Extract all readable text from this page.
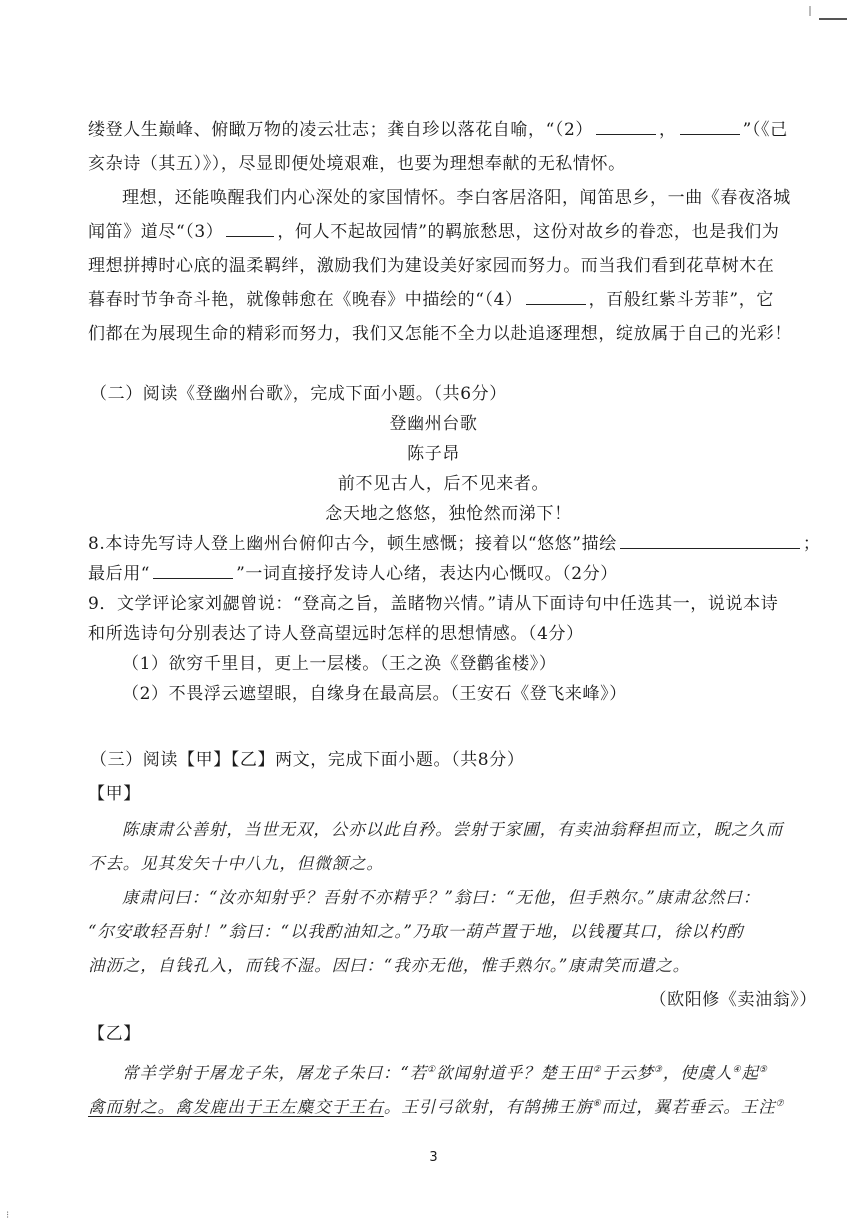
缕登人生巅峰、俯瞰万物的凌云壮志；龚自珍以落花自喻，“（2）	，	”（《己
亥杂诗（其五）》），尽显即便处境艰难，也要为理想奉献的无私情怀。
理想，还能唤醒我们内心深处的家国情怀。李白客居洛阳，闻笛思乡，一曲《春夜洛城
闻笛》道尽“（3）	，何人不起故园情”的羁旅愁思，这份对故乡的眷恋，也是我们为
理想拼搏时心底的温柔羁绊，激励我们为建设美好家园而努力。而当我们看到花草树木在
暮春时节争奇斗艳，就像韩愈在《晚春》中描绘的“（4）	，百般红紫斗芳菲”，它
们都在为展现生命的精彩而努力，我们又怎能不全力以赴追逐理想，绽放属于自己的光彩！
（二）阅读《登幽州台歌》，完成下面小题。（共6分）
登幽州台歌
陈子昂
前不见古人，后不见来者。
念天地之悠悠，独怆然而涕下！
8.本诗先写诗人登上幽州台俯仰古今，顿生感慨；接着以“悠悠”描绘	；
最后用“	”一词直接抒发诗人心绪，表达内心慨叹。（2分）
9．文学评论家刘勰曾说：“登高之旨，盖睹物兴情。”请从下面诗句中任选其一，说说本诗
和所选诗句分别表达了诗人登高望远时怎样的思想情感。（4分）
（1）欲穷千里目，更上一层楼。（王之涣《登鹳雀楼》）
（2）不畏浮云遮望眼，自缘身在最高层。（王安石《登飞来峰》）
（三）阅读【甲】【乙】两文，完成下面小题。（共8分）
【甲】
陈康肃公善射，当世无双，公亦以此自矜。尝射于家圃，有卖油翁释担而立，睨之久而
不去。见其发矢十中八九，但微颔之。
康肃问曰：“汝亦知射乎？吾射不亦精乎？”翁曰：“无他，但手熟尔。”康肃忿然曰：
“尔安敢轻吾射！”翁曰：“以我酌油知之。”乃取一葫芦置于地，以钱覆其口，徐以杓酌
油沥之，自钱孔入，而钱不湿。因曰：“我亦无他，惟手熟尔。”康肃笑而遣之。
（欧阳修《卖油翁》）
【乙】
常羊学射于屠龙子朱，屠龙子朱曰：“若①欲闻射道乎？楚王田②于云梦③，使虞人④起⑤
禽而射之。禽发鹿出于王左麋交于王右。王引弓欲射，有鹄拂王旃⑥而过，翼若垂云。王注⑦
3
⁝
